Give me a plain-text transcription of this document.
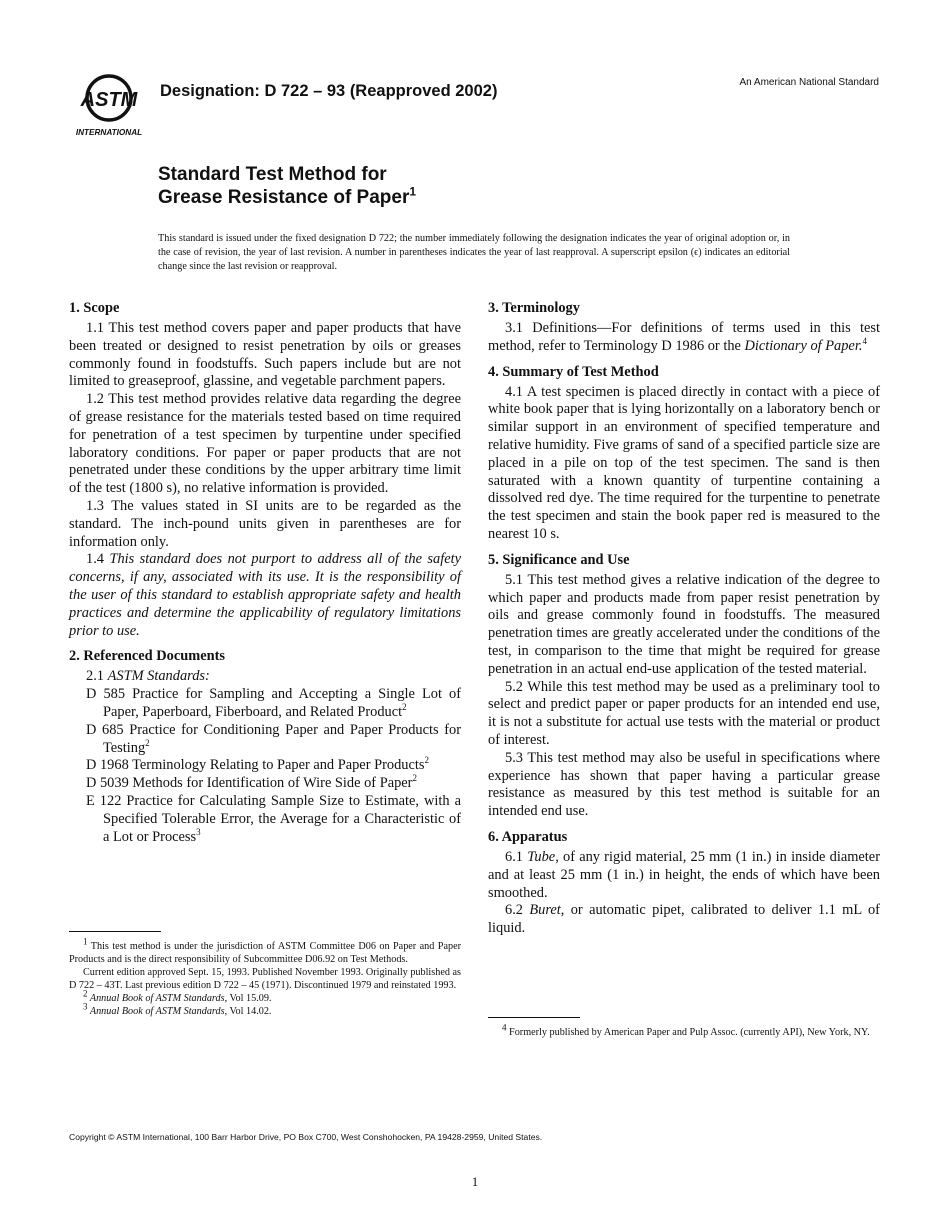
ASTM
INTERNATIONAL
Designation: D 722 – 93 (Reapproved 2002)	An American National Standard
Standard Test Method for
Grease Resistance of Paper$^1$
This standard is issued under the fixed designation D 722; the number immediately following the designation indicates the year of original adoption or, in the case of revision, the year of last revision. A number in parentheses indicates the year of last reapproval. A superscript epsilon (ϵ) indicates an editorial change since the last revision or reapproval.
1. Scope

1.1 This test method covers paper and paper products that have been treated or designed to resist penetration by oils or greases commonly found in foodstuffs. Such papers include but are not limited to greaseproof, glassine, and vegetable parchment papers.

1.2 This test method provides relative data regarding the degree of grease resistance for the materials tested based on time required for penetration of a test specimen by turpentine under specified laboratory conditions. For paper or paper products that are not penetrated under these conditions by the upper arbitrary time limit of the test (1800 s), no relative information is provided.

1.3 The values stated in SI units are to be regarded as the standard. The inch-pound units given in parentheses are for information only.

1.4 This standard does not purport to address all of the safety concerns, if any, associated with its use. It is the responsibility of the user of this standard to establish appropriate safety and health practices and determine the applicability of regulatory limitations prior to use.

2. Referenced Documents

2.1 ASTM Standards:

D 585 Practice for Sampling and Accepting a Single Lot of Paper, Paperboard, Fiberboard, and Related Product$^2$
D 685 Practice for Conditioning Paper and Paper Products for Testing$^2$
D 1968 Terminology Relating to Paper and Paper Products$^2$
D 5039 Methods for Identification of Wire Side of Paper$^2$
E 122 Practice for Calculating Sample Size to Estimate, with a Specified Tolerable Error, the Average for a Characteristic of a Lot or Process$^3$

$^1$ This test method is under the jurisdiction of ASTM Committee D06 on Paper and Paper Products and is the direct responsibility of Subcommittee D06.92 on Test Methods.

Current edition approved Sept. 15, 1993. Published November 1993. Originally published as D 722 – 43T. Last previous edition D 722 – 45 (1971). Discontinued 1979 and reinstated 1993.

$^2$ Annual Book of ASTM Standards, Vol 15.09.

$^3$ Annual Book of ASTM Standards, Vol 14.02.

3. Terminology

3.1 Definitions—For definitions of terms used in this test method, refer to Terminology D 1986 or the Dictionary of Paper.$^4$

4. Summary of Test Method

4.1 A test specimen is placed directly in contact with a piece of white book paper that is lying horizontally on a laboratory bench or similar support in an environment of specified temperature and relative humidity. Five grams of sand of a specified particle size are placed in a pile on top of the test specimen. The sand is then saturated with a known quantity of turpentine containing a dissolved red dye. The time required for the turpentine to penetrate the test specimen and stain the book paper red is measured to the nearest 10 s.

5. Significance and Use

5.1 This test method gives a relative indication of the degree to which paper and products made from paper resist penetration by oils and grease commonly found in foodstuffs. The measured penetration times are greatly accelerated under the conditions of the test, in comparison to the time that might be required for grease penetration in an actual end-use application of the tested material.

5.2 While this test method may be used as a preliminary tool to select and predict paper or paper products for an intended end use, it is not a substitute for actual use tests with the material or product of interest.

5.3 This test method may also be useful in specifications where experience has shown that paper having a particular grease resistance as measured by this test method is suitable for an intended end use.

6. Apparatus

6.1 Tube, of any rigid material, 25 mm (1 in.) in inside diameter and at least 25 mm (1 in.) in height, the ends of which have been smoothed.

6.2 Buret, or automatic pipet, calibrated to deliver 1.1 mL of liquid.

$^4$ Formerly published by American Paper and Pulp Assoc. (currently API), New York, NY.

Copyright © ASTM International, 100 Barr Harbor Drive, PO Box C700, West Conshohocken, PA 19428-2959, United States.
1
